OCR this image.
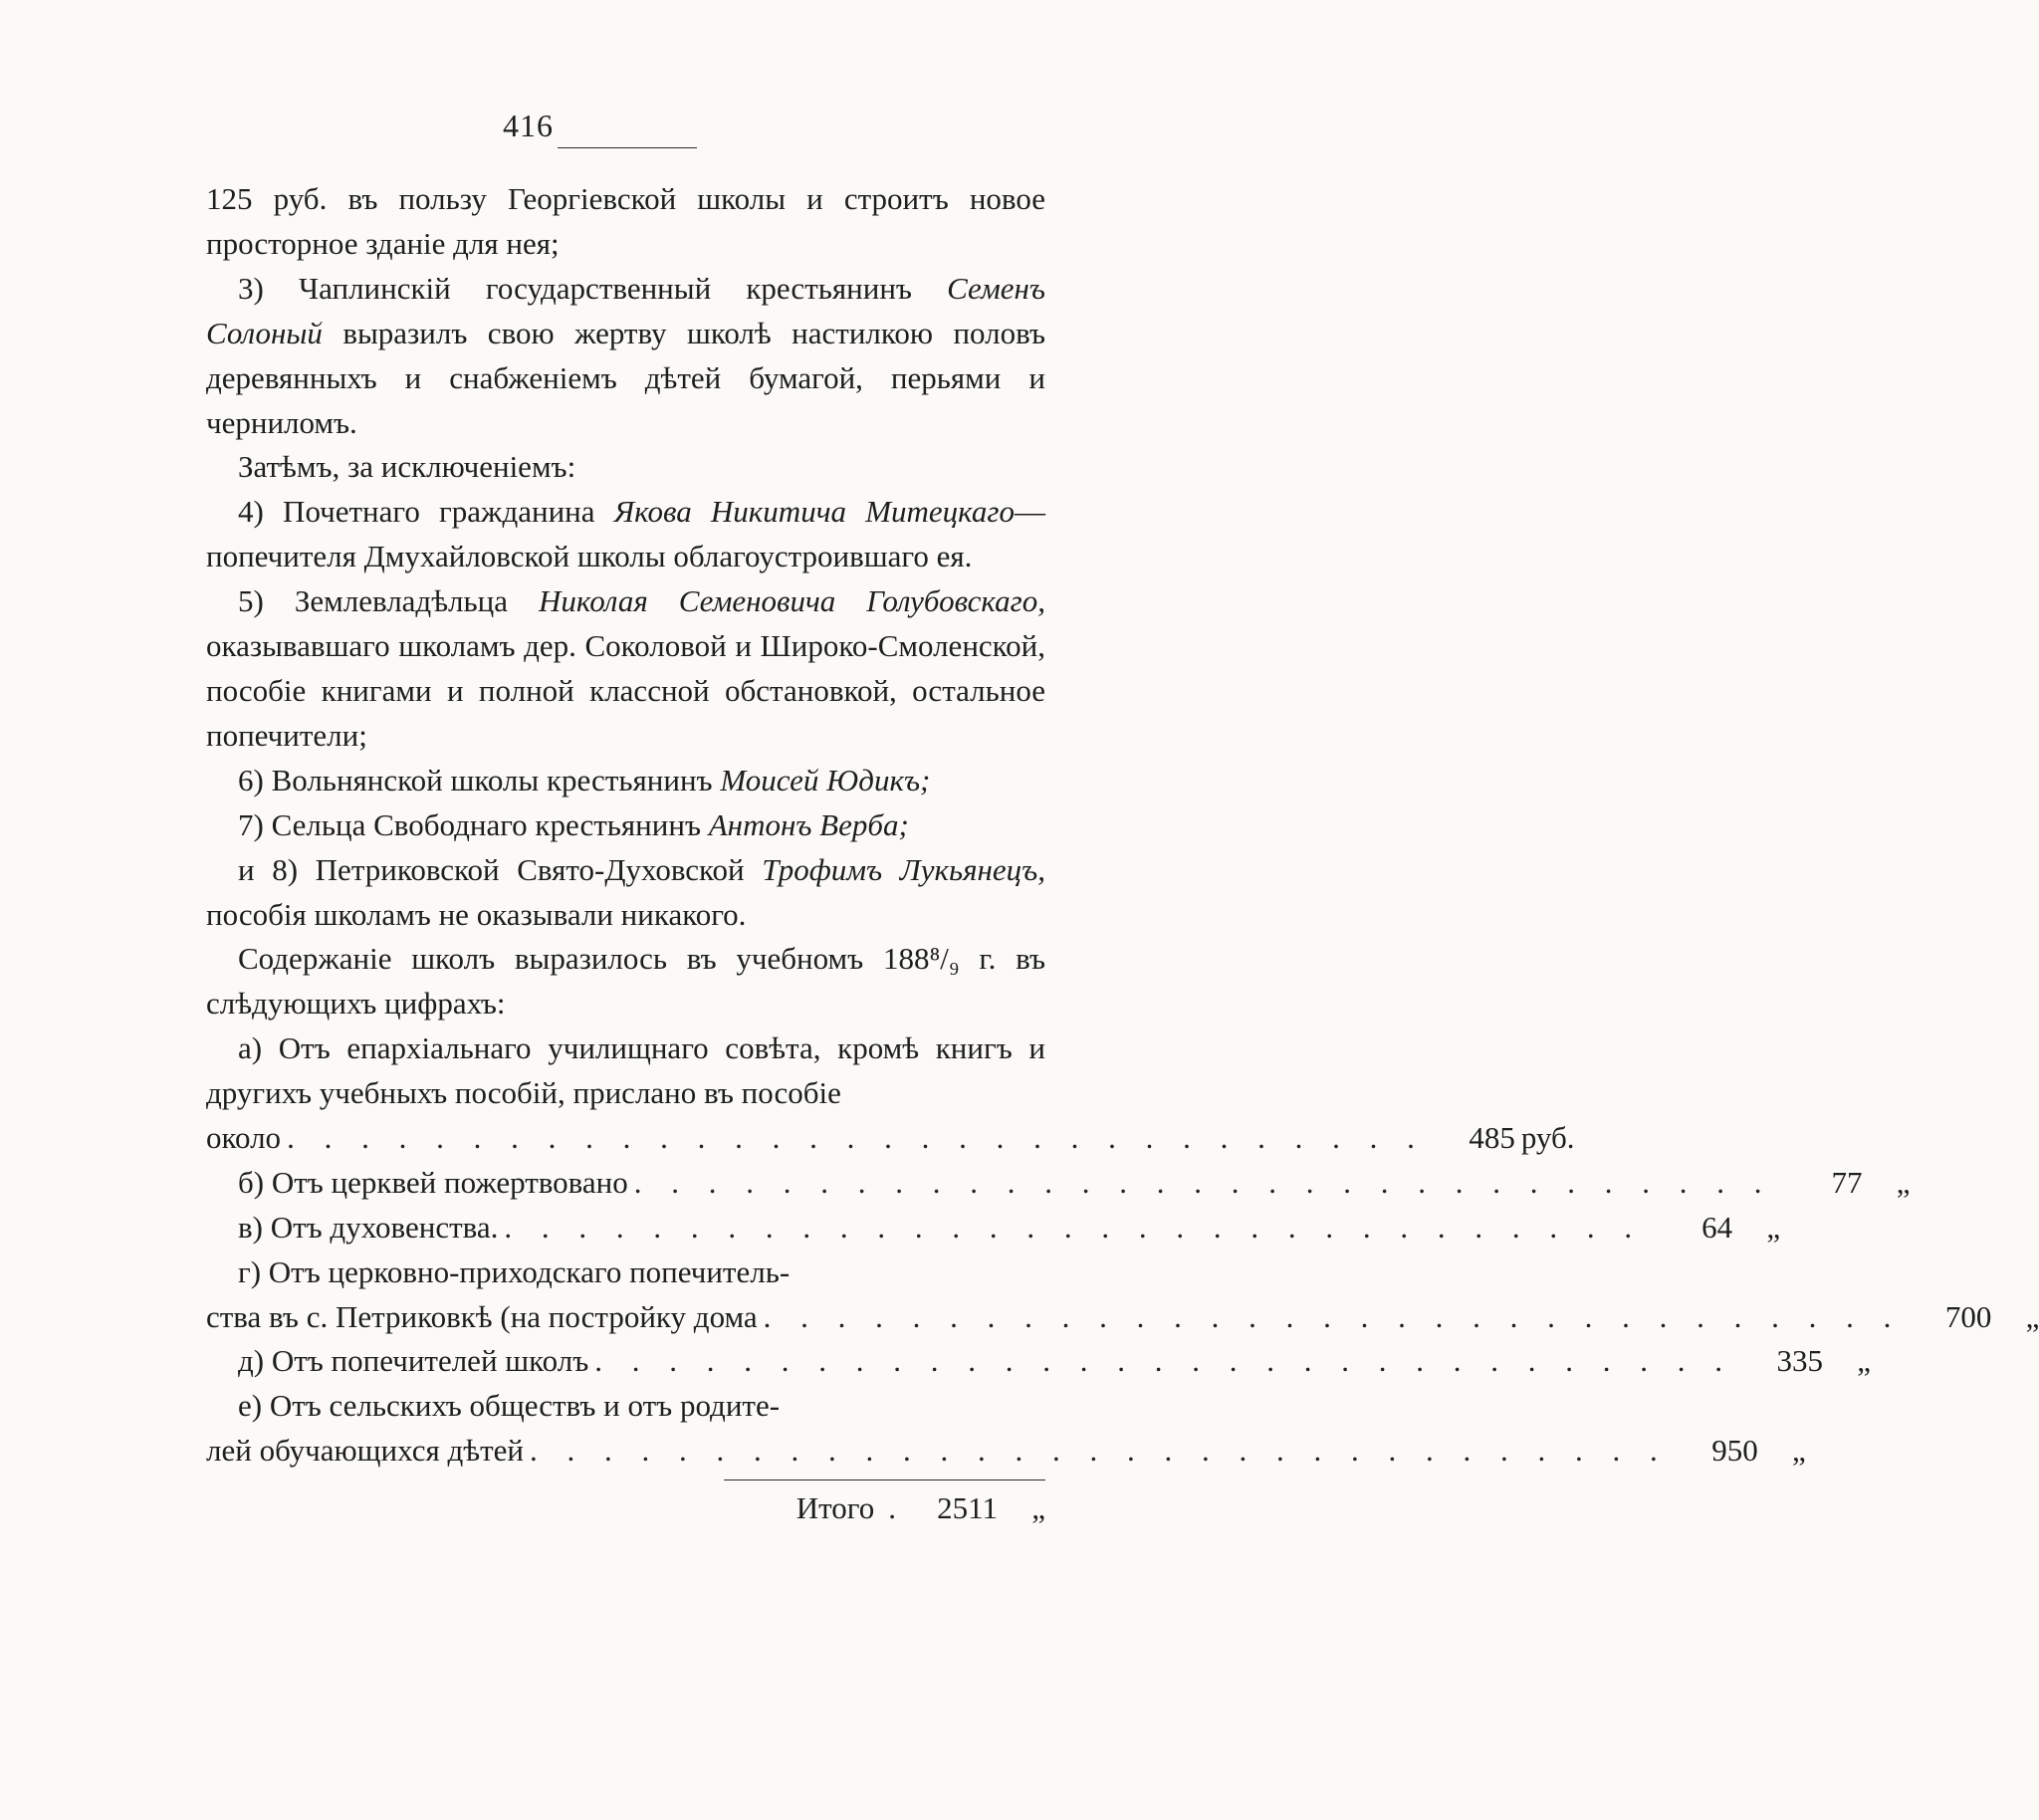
416

125 руб. въ пользу Георгіевской школы и строитъ новое просторное зданіе для нея;

3) Чаплинскій государственный крестьянинъ Семенъ Солоный выразилъ свою жертву школѣ настилкою половъ деревянныхъ и снабженіемъ дѣтей бумагой, перьями и черниломъ.

Затѣмъ, за исключеніемъ:

4) Почетнаго гражданина Якова Никитича Митецкаго—попечителя Дмухайловской школы облагоустроившаго ея.

5) Землевладѣльца Николая Семеновича Голубовскаго, оказывавшаго школамъ дер. Соколовой и Широко-Смоленской, пособіе книгами и полной классной обстановкой, остальное попечители;

6) Вольнянской школы крестьянинъ Моисей Юдикъ;

7) Сельца Свободнаго крестьянинъ Антонъ Верба;

и 8) Петриковской Свято-Духовской Трофимъ Лукьянецъ, пособія школамъ не оказывали никакого.

Содержаніе школъ выразилось въ учебномъ 188⁸/₉ г. въ слѣдующихъ цифрахъ:

а) Отъ епархіальнаго училищнаго совѣта, кромѣ книгъ и другихъ учебныхъ пособій, прислано въ пособіе

около . . . . . . . . . . . . . . . . . . . . . . . . . . . . . . .	485 руб.
б) Отъ церквей пожертвовано . . . . . . . . . . . . . . . . . . . . . . . . . . . . . . .	77	„
в) Отъ духовенства. . . . . . . . . . . . . . . . . . . . . . . . . . . . . . . .	64	„
г) Отъ церковно-приходскаго попечитель-
ства въ с. Петриковкѣ (на постройку дома . . . . . . . . . . . . . . . . . . . . . . . . . . . . . . .	700	„
д) Отъ попечителей школъ . . . . . . . . . . . . . . . . . . . . . . . . . . . . . . .	335	„
е) Отъ сельскихъ обществъ и отъ родите-
лей обучающихся дѣтей . . . . . . . . . . . . . . . . . . . . . . . . . . . . . . .	950	„
Итого .	2511	„
